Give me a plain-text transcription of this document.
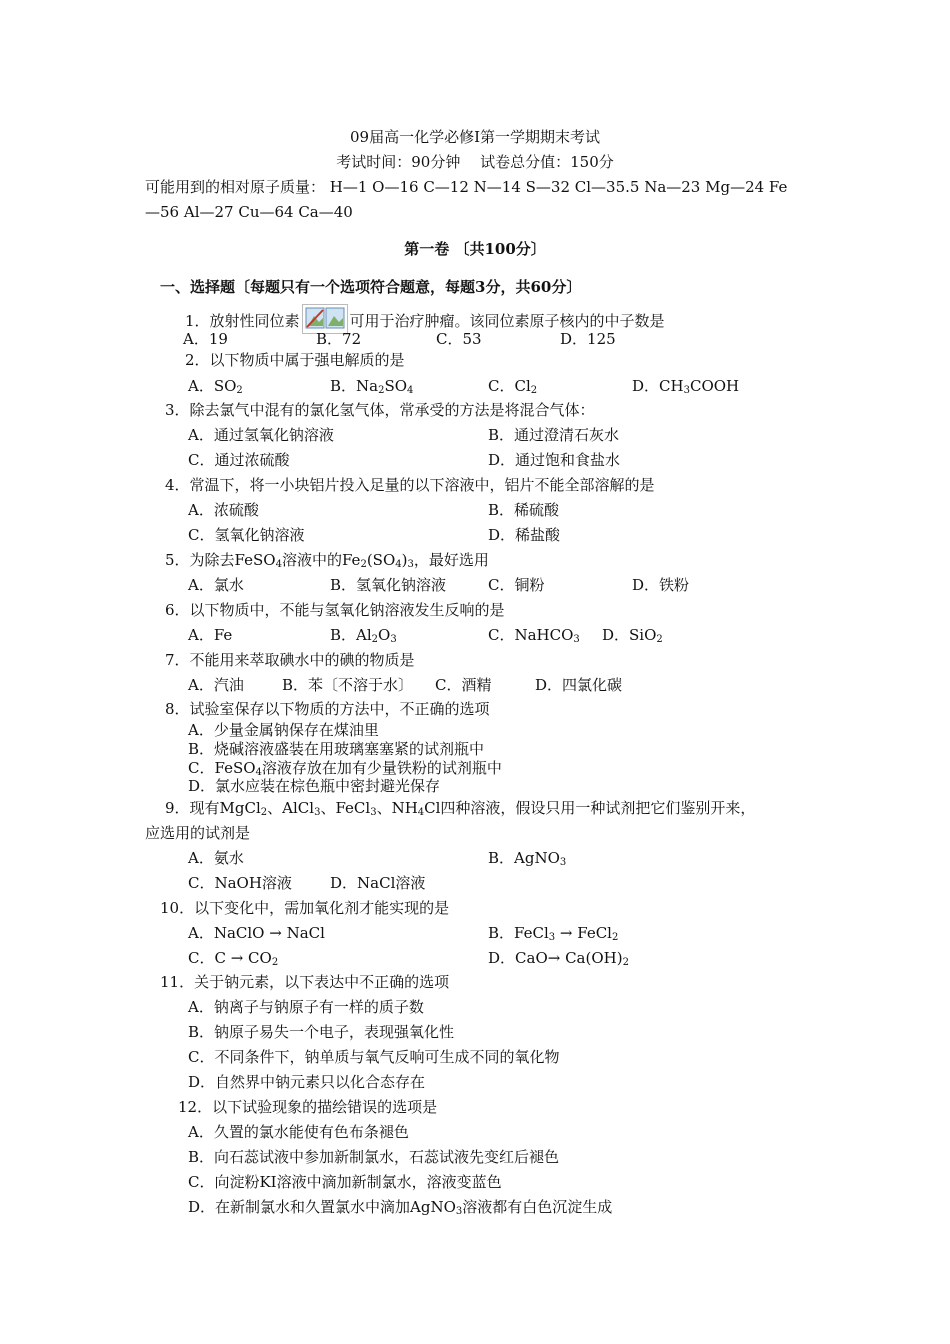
09届高一化学必修Ⅰ第一学期期末考试
考试时间：90分钟　 试卷总分值：150分
可能用到的相对原子质量： H—1 O—16 C—12 N—14 S—32 Cl—35.5 Na—23 Mg—24 Fe
—56 Al—27 Cu—64 Ca—40
第一卷 〔共100分〕
一、选择题〔每题只有一个选项符合题意，每题3分，共60分〕
1．放射性同位素	可用于治疗肿瘤。该同位素原子核内的中子数是
A．19	B．72	C．53	D．125
2．以下物质中属于强电解质的是
A．$SO_2$	B．$Na_2SO_4$	C．$Cl_2$	D．$CH_3COOH$
3．除去氯气中混有的氯化氢气体，常承受的方法是将混合气体：
A．通过氢氧化钠溶液	B．通过澄清石灰水
C．通过浓硫酸	D．通过饱和食盐水
4．常温下，将一小块铝片投入足量的以下溶液中，铝片不能全部溶解的是
A．浓硫酸	B．稀硫酸
C．氢氧化钠溶液	D．稀盐酸
5．为除去FeSO$_4$溶液中的$Fe_2(SO_4)_3$，最好选用
A．氯水	B．氢氧化钠溶液	C．铜粉	D．铁粉
6．以下物质中，不能与氢氧化钠溶液发生反响的是
A．Fe	B．$Al_2O_3$	C．NaHCO$_3$ D．SiO$_2$
7．不能用来萃取碘水中的碘的物质是
A．汽油	B．苯〔不溶于水〕 C．酒精	D．四氯化碳
8．试验室保存以下物质的方法中，不正确的选项
A．少量金属钠保存在煤油里
B．烧碱溶液盛装在用玻璃塞塞紧的试剂瓶中
C．FeSO$_4$溶液存放在加有少量铁粉的试剂瓶中
D．氯水应装在棕色瓶中密封避光保存
9．现有MgCl$_2$、AlCl$_3$、FeCl$_3$、$NH_4Cl$四种溶液，假设只用一种试剂把它们鉴别开来，
应选用的试剂是
A．氨水	B．AgNO$_3$
C．NaOH溶液	D．NaCl溶液
10．以下变化中，需加氧化剂才能实现的是
A．NaClO → NaCl	B．FeCl$_3$ → FeCl$_2$
C．$C \to CO_2$	D．$CaO\to Ca(OH)_2$
11．关于钠元素，以下表达中不正确的选项
A．钠离子与钠原子有一样的质子数
B．钠原子易失一个电子，表现强氧化性
C．不同条件下，钠单质与氧气反响可生成不同的氧化物
D．自然界中钠元素只以化合态存在
12．以下试验现象的描绘错误的选项是
A．久置的氯水能使有色布条褪色
B．向石蕊试液中参加新制氯水，石蕊试液先变红后褪色
C．向淀粉KI溶液中滴加新制氯水，溶液变蓝色
D．在新制氯水和久置氯水中滴加AgNO$_3$溶液都有白色沉淀生成
